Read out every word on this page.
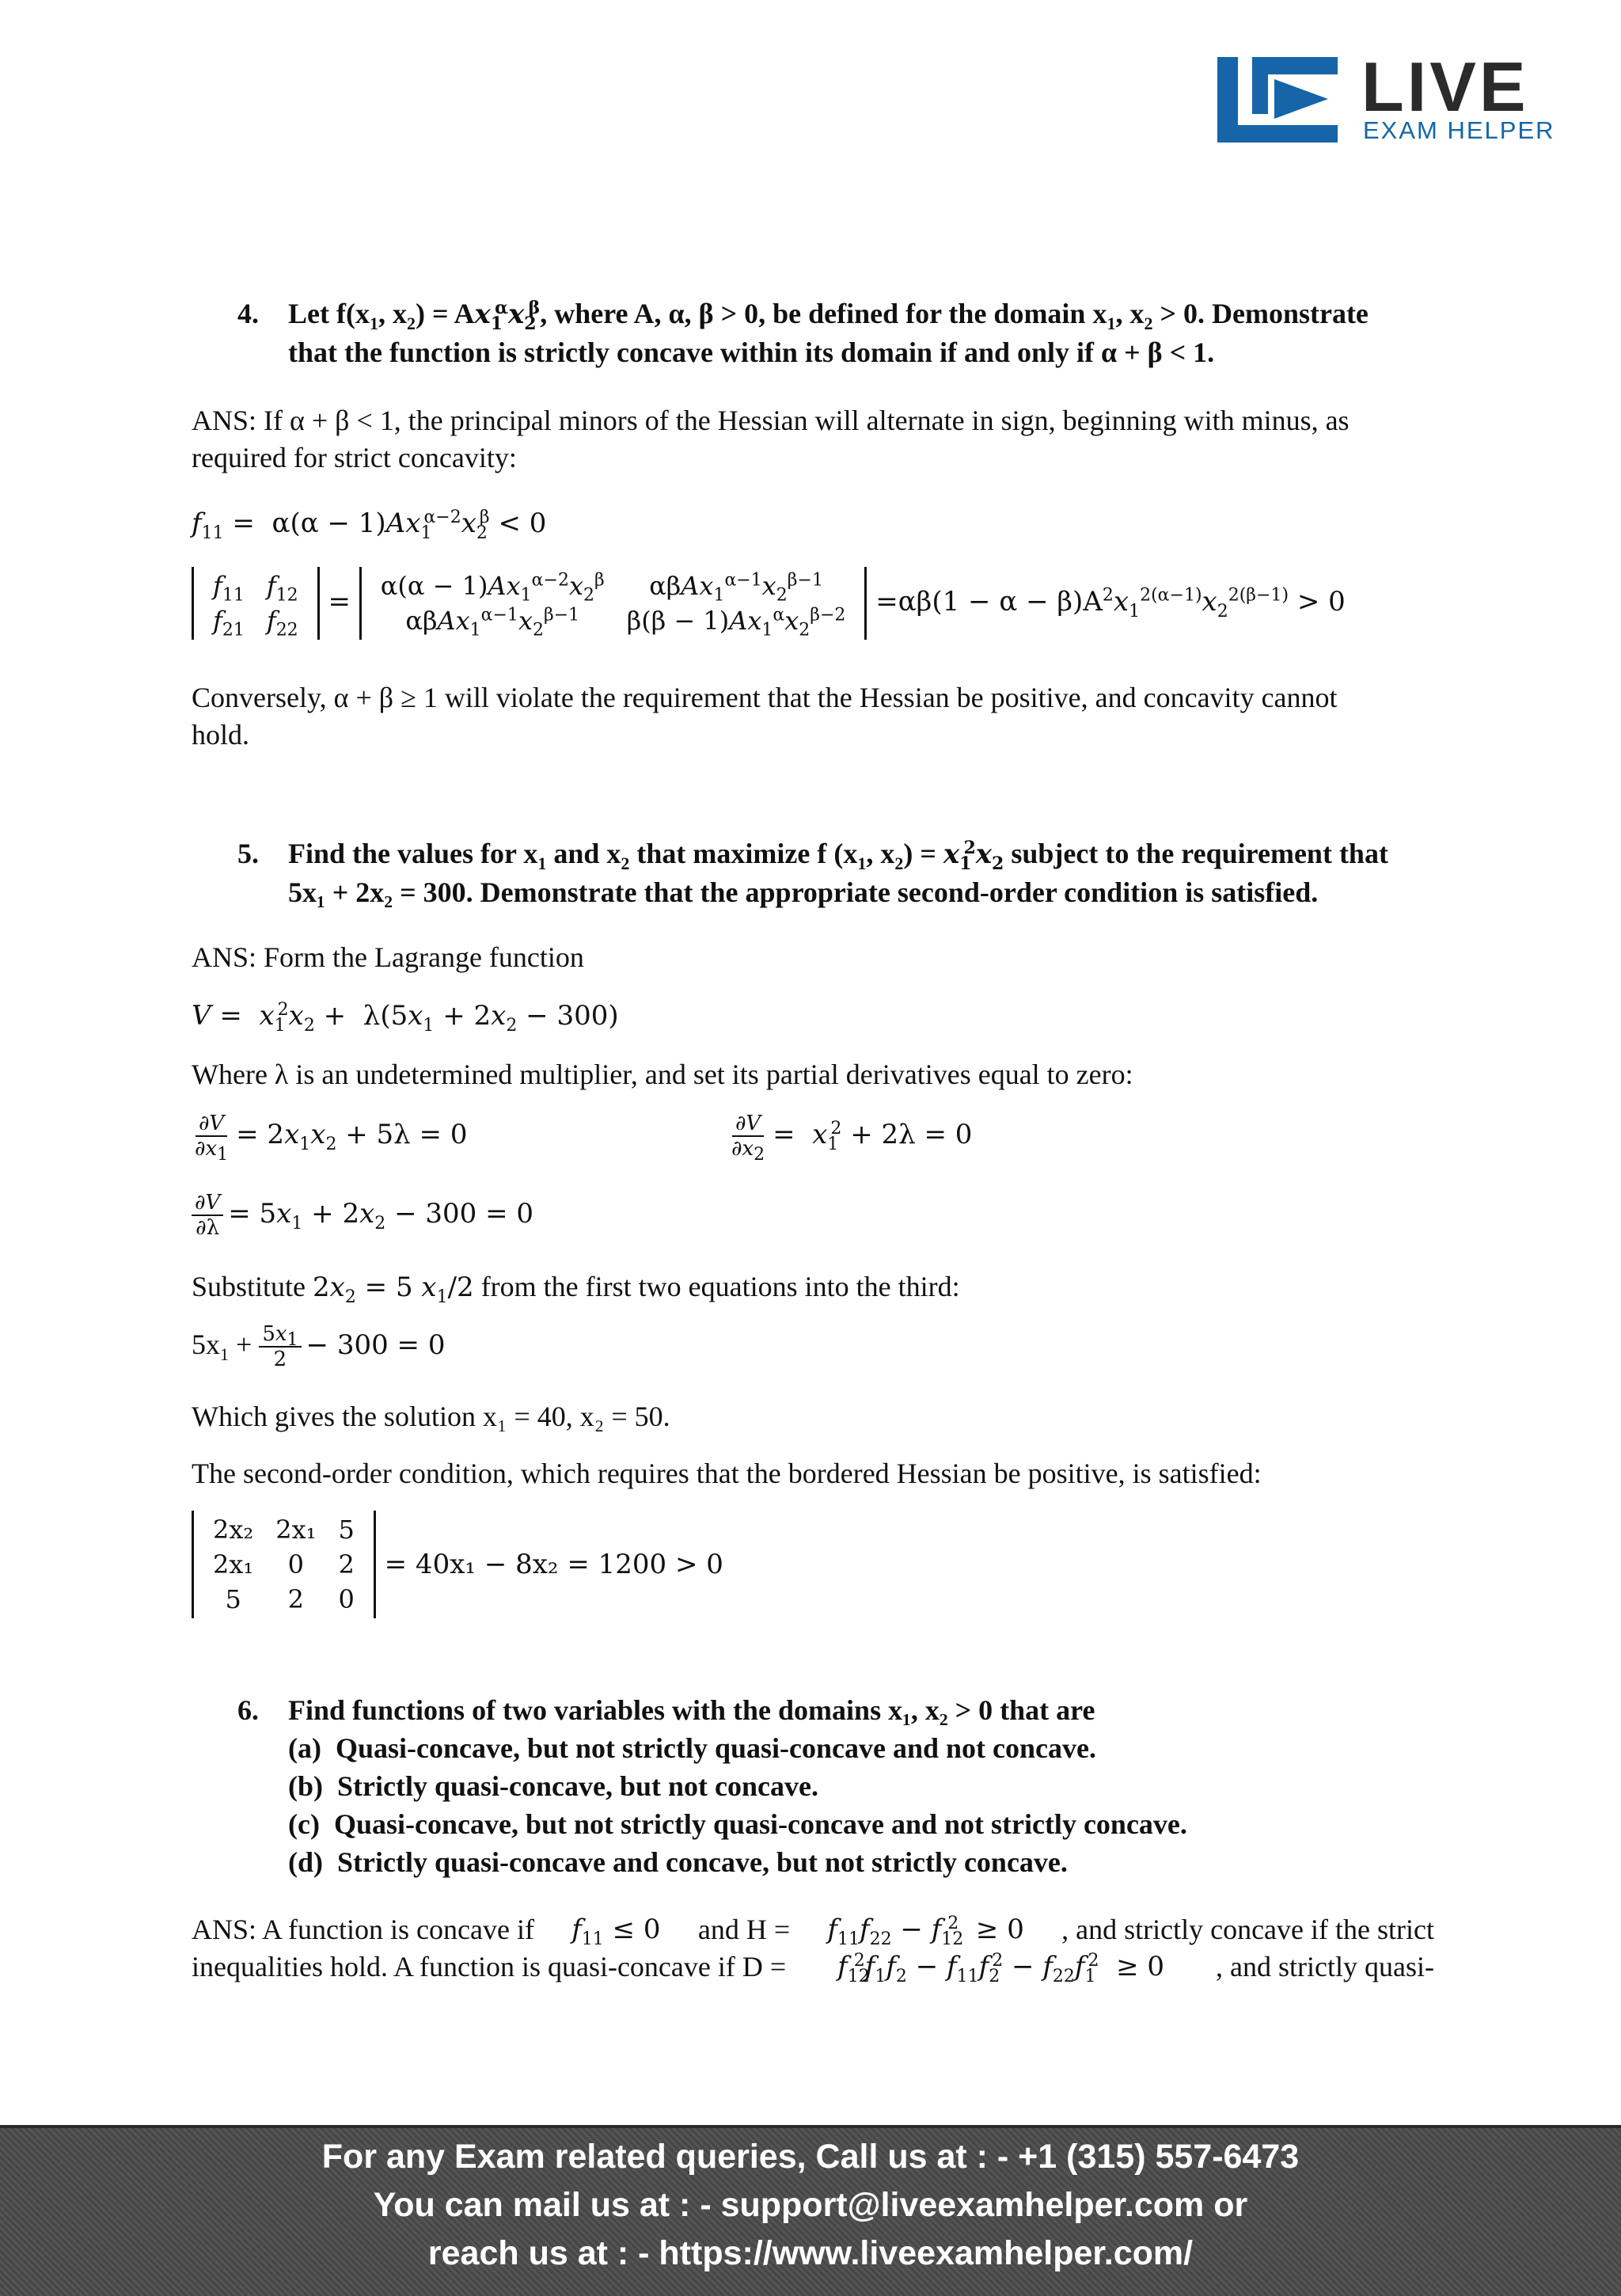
LIVE
EXAM HELPER
4. Let $f(x_1$, $x_2) = Ax_1^\alpha x_2^\beta$, where A, α, β > 0, be defined for the domain $x_1$, $x_2 > 0$. Demonstrate
that the function is strictly concave within its domain if and only if α + β < 1.
ANS: If α + β < 1, the principal minors of the Hessian will alternate in sign, beginning with minus, as
required for strict concavity:
$f_{11} = \alpha(\alpha - 1)Ax_1^{\alpha-2}x_2^\beta < 0$
$f_{11}$	$f_{12}$
$f_{21}$	$f_{22}$
= $\alpha(\alpha - 1)Ax_1^{\alpha-2}x_2^\beta$	$\alpha\beta Ax_1^{\alpha-1}x_2^{\beta-1}$
$\alpha\beta Ax_1^{\alpha-1}x_2^{\beta-1}$	$\beta(\beta - 1)Ax_1^\alpha x_2^{\beta-2} =\alpha\beta(1 - \alpha - \beta)A^2x_1^{2(\alpha-1)}x_2^{2(\beta-1)} > 0$
Conversely, α + β ≥ 1 will violate the requirement that the Hessian be positive, and concavity cannot
hold.
5. Find the values for $x_1$ and $x_2$ that maximize f ($x_1$, $x_2) = x_1^2x_2$ subject to the requirement that
5x₁ + 2x₂ = 300. Demonstrate that the appropriate second-order condition is satisfied.
ANS: Form the Lagrange function
$V = x_1^2x_2 + \lambda(5x_1 + 2x_2 - 300)$
Where λ is an undetermined multiplier, and set its partial derivatives equal to zero:
$\frac{\partial V}{\partial x_1} = 2x_1x_2 + 5\lambda = 0$	$\frac{\partial V}{\partial x_2} = x_1^2 + 2\lambda = 0$
$\frac{\partial V}{\partial\lambda} = 5x_1 + 2x_2 - 300 = 0$
Substitute $2x_2 = 5$ $x_1/2$ from the first two equations into the third:
$5x_1 + \frac{5x_1}{2} - 300 = 0$
Which gives the solution x₁ = 40, x₂ = 50.
The second-order condition, which requires that the bordered Hessian be positive, is satisfied:
2x₂	2x₁	5
2x₁	0	2
5	2	0
= 40x₁ − 8x₂ = 1200 > 0
6. Find functions of two variables with the domains x₁, x₂ > 0 that are
(a) Quasi-concave, but not strictly quasi-concave and not concave.
(b) Strictly quasi-concave, but not concave.
(c) Quasi-concave, but not strictly quasi-concave and not strictly concave.
(d) Strictly quasi-concave and concave, but not strictly concave.
ANS: A function is concave if $f_{11} \le 0$ and $H = f_{11}f_{22} - f_{12}^2 \ge 0$ , and strictly concave if the strict
inequalities hold. A function is quasi-concave if $D = f_{12}^2f_1f_2 - f_{11}f_2^2 - f_{22}f_1^2 \ge 0$ , and strictly quasi-
For any Exam related queries, Call us at : - +1 (315) 557-6473
You can mail us at : - support@liveexamhelper.com or
reach us at : - https://www.liveexamhelper.com/
